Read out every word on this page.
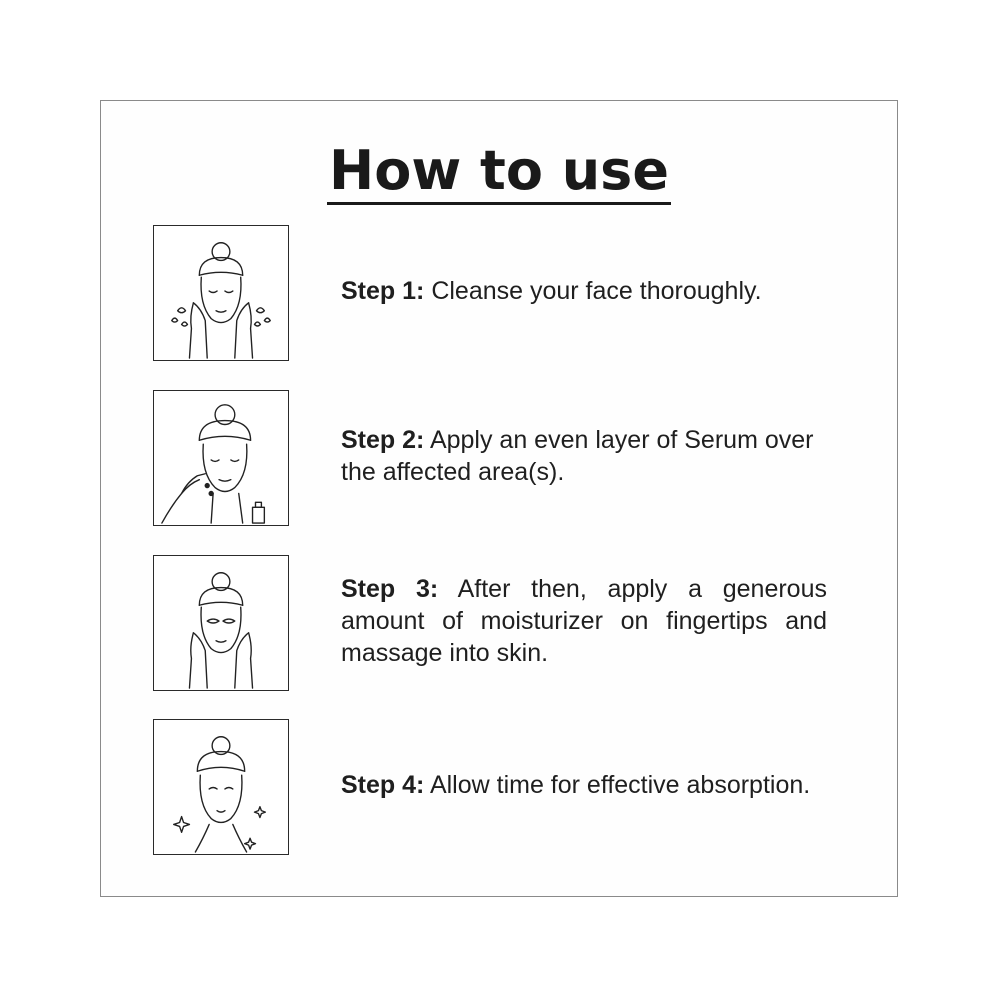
How to use
Step 1: Cleanse your face thoroughly.
Step 2: Apply an even layer of Serum over the affected area(s).
Step 3: After then, apply a generous amount of moisturizer on fingertips and massage into skin.
Step 4: Allow time for effective absorption.
